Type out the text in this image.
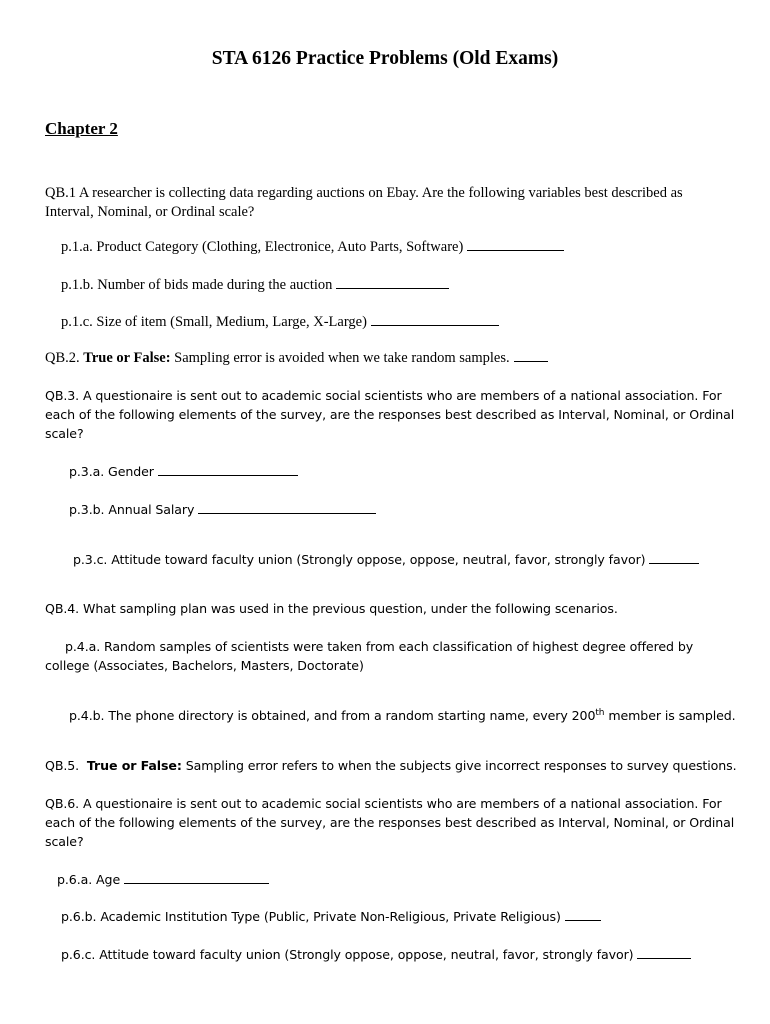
STA 6126 Practice Problems (Old Exams)
Chapter 2
QB.1 A researcher is collecting data regarding auctions on Ebay. Are the following variables best described as
Interval, Nominal, or Ordinal scale?
p.1.a. Product Category (Clothing, Electronice, Auto Parts, Software)
p.1.b. Number of bids made during the auction
p.1.c. Size of item (Small, Medium, Large, X-Large)
QB.2. True or False: Sampling error is avoided when we take random samples.
QB.3. A questionaire is sent out to academic social scientists who are members of a national association. For
each of the following elements of the survey, are the responses best described as Interval, Nominal, or Ordinal
scale?
p.3.a. Gender
p.3.b. Annual Salary
p.3.c. Attitude toward faculty union (Strongly oppose, oppose, neutral, favor, strongly favor)
QB.4. What sampling plan was used in the previous question, under the following scenarios.
p.4.a. Random samples of scientists were taken from each classification of highest degree offered by
college (Associates, Bachelors, Masters, Doctorate)
p.4.b. The phone directory is obtained, and from a random starting name, every 200th member is sampled.
QB.5. True or False: Sampling error refers to when the subjects give incorrect responses to survey questions.
QB.6. A questionaire is sent out to academic social scientists who are members of a national association. For
each of the following elements of the survey, are the responses best described as Interval, Nominal, or Ordinal
scale?
p.6.a. Age
p.6.b. Academic Institution Type (Public, Private Non-Religious, Private Religious)
p.6.c. Attitude toward faculty union (Strongly oppose, oppose, neutral, favor, strongly favor)
